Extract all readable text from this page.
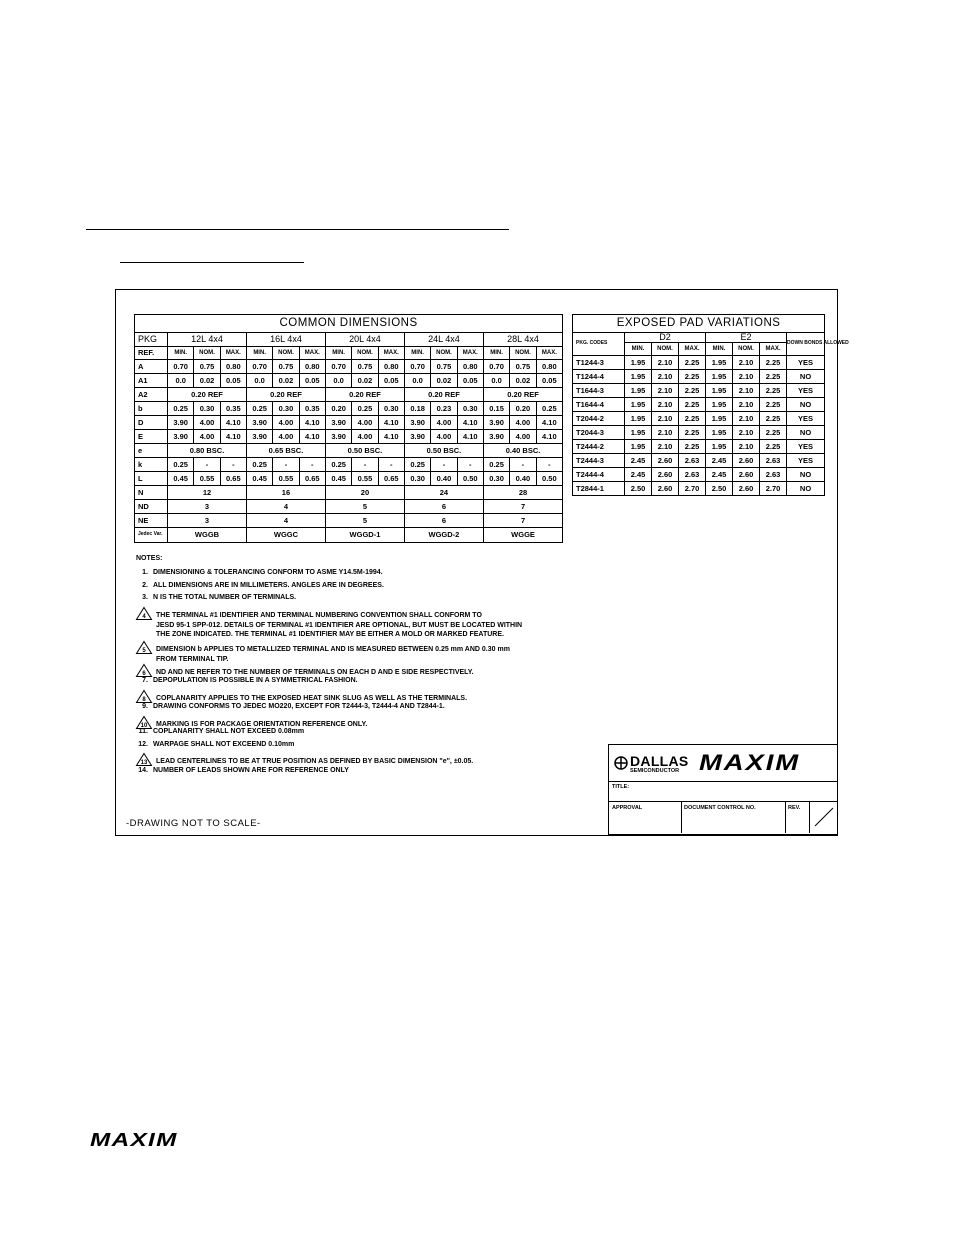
COMMON DIMENSIONS															
PKG	12L 4x4			16L 4x4			20L 4x4			24L 4x4			28L 4x4		
REF.	MIN.	NOM.	MAX.	MIN.	NOM.	MAX.	MIN.	NOM.	MAX.	MIN.	NOM.	MAX.	MIN.	NOM.	MAX.
A	0.70	0.75	0.80	0.70	0.75	0.80	0.70	0.75	0.80	0.70	0.75	0.80	0.70	0.75	0.80
A1	0.0	0.02	0.05	0.0	0.02	0.05	0.0	0.02	0.05	0.0	0.02	0.05	0.0	0.02	0.05
A2	0.20 REF			0.20 REF			0.20 REF			0.20 REF			0.20 REF		
b	0.25	0.30	0.35	0.25	0.30	0.35	0.20	0.25	0.30	0.18	0.23	0.30	0.15	0.20	0.25
D	3.90	4.00	4.10	3.90	4.00	4.10	3.90	4.00	4.10	3.90	4.00	4.10	3.90	4.00	4.10
E	3.90	4.00	4.10	3.90	4.00	4.10	3.90	4.00	4.10	3.90	4.00	4.10	3.90	4.00	4.10
e	0.80 BSC.			0.65 BSC.			0.50 BSC.			0.50 BSC.			0.40 BSC.		
k	0.25	-	-	0.25	-	-	0.25	-	-	0.25	-	-	0.25	-	-
L	0.45	0.55	0.65	0.45	0.55	0.65	0.45	0.55	0.65	0.30	0.40	0.50	0.30	0.40	0.50
N	12			16			20			24			28		
ND	3			4			5			6			7		
NE	3			4			5			6			7		
Jedec Var.	WGGB			WGGC			WGGD-1			WGGD-2			WGGE		
EXPOSED PAD VARIATIONS							
PKG. CODES	D2			E2			DOWN BONDS ALLOWED
	MIN.	NOM.	MAX.	MIN.	NOM.	MAX.	
T1244-3	1.95	2.10	2.25	1.95	2.10	2.25	YES
T1244-4	1.95	2.10	2.25	1.95	2.10	2.25	NO
T1644-3	1.95	2.10	2.25	1.95	2.10	2.25	YES
T1644-4	1.95	2.10	2.25	1.95	2.10	2.25	NO
T2044-2	1.95	2.10	2.25	1.95	2.10	2.25	YES
T2044-3	1.95	2.10	2.25	1.95	2.10	2.25	NO
T2444-2	1.95	2.10	2.25	1.95	2.10	2.25	YES
T2444-3	2.45	2.60	2.63	2.45	2.60	2.63	YES
T2444-4	2.45	2.60	2.63	2.45	2.60	2.63	NO
T2844-1	2.50	2.60	2.70	2.50	2.60	2.70	NO
NOTES:
1. DIMENSIONING & TOLERANCING CONFORM TO ASME Y14.5M-1994.
2. ALL DIMENSIONS ARE IN MILLIMETERS. ANGLES ARE IN DEGREES.
3. N IS THE TOTAL NUMBER OF TERMINALS.
4 THE TERMINAL #1 IDENTIFIER AND TERMINAL NUMBERING CONVENTION SHALL CONFORM TO
JESD 95-1 SPP-012. DETAILS OF TERMINAL #1 IDENTIFIER ARE OPTIONAL, BUT MUST BE LOCATED WITHIN
THE ZONE INDICATED. THE TERMINAL #1 IDENTIFIER MAY BE EITHER A MOLD OR MARKED FEATURE.
5 DIMENSION b APPLIES TO METALLIZED TERMINAL AND IS MEASURED BETWEEN 0.25 mm AND 0.30 mm
FROM TERMINAL TIP.
6 ND AND NE REFER TO THE NUMBER OF TERMINALS ON EACH D AND E SIDE RESPECTIVELY.
7. DEPOPULATION IS POSSIBLE IN A SYMMETRICAL FASHION.
8 COPLANARITY APPLIES TO THE EXPOSED HEAT SINK SLUG AS WELL AS THE TERMINALS.
9. DRAWING CONFORMS TO JEDEC MO220, EXCEPT FOR T2444-3, T2444-4 AND T2844-1.
10 MARKING IS FOR PACKAGE ORIENTATION REFERENCE ONLY.
11. COPLANARITY SHALL NOT EXCEED 0.08mm
12. WARPAGE SHALL NOT EXCEEND 0.10mm
13 LEAD CENTERLINES TO BE AT TRUE POSITION AS DEFINED BY BASIC DIMENSION "e", ±0.05.
14. NUMBER OF LEADS SHOWN ARE FOR REFERENCE ONLY
-DRAWING NOT TO SCALE-
DALLAS
SEMICONDUCTOR MAXIM
TITLE:
APPROVAL	DOCUMENT CONTROL NO.	REV.
MAXIM
